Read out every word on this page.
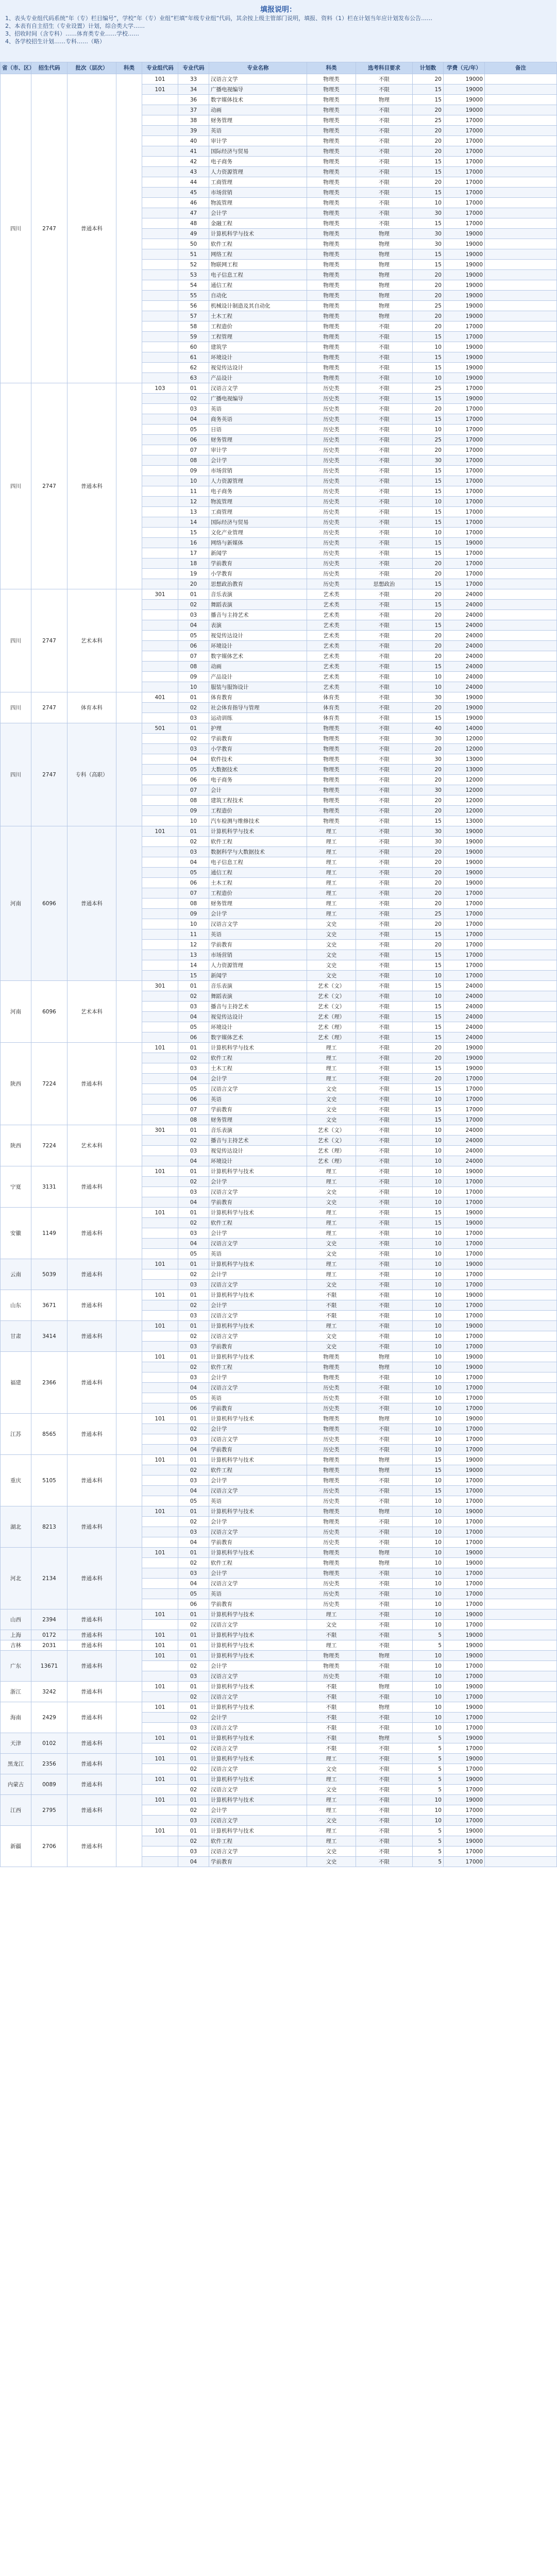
填报说明：
1、表头专业组代码系统“年（专）栏目编号”，学校“年（专）业组”栏填“年级专业组”代码，其余按上级主管部门说明，填报、资料（1）栏在计划当年应计划发布公告……
2、本表有自主招生（专业设置）计划，综合类大学……
3、招收时间（含专科）……体育类专业……学校……
4、各学校招生计划……专科……（略）
省（市、区）	招生代码	批次（层次）	科类	专业组代码	专业代码	专业名称	科类	选考科目要求	计划数	学费（元/年）	备注
四川	2747	普通本科		101	33	汉语言文学	物理类	不限	20	19000	
				101	34	广播电视编导	物理类	不限	15	19000	
					36	数字媒体技术	物理类	物理	15	19000	
					37	动画	物理类	不限	20	19000	
					38	财务管理	物理类	不限	25	17000	
					39	英语	物理类	不限	20	17000	
					40	审计学	物理类	不限	20	17000	
					41	国际经济与贸易	物理类	不限	20	17000	
					42	电子商务	物理类	不限	15	17000	
					43	人力资源管理	物理类	不限	15	17000	
					44	工商管理	物理类	不限	20	17000	
					45	市场营销	物理类	不限	15	17000	
					46	物流管理	物理类	不限	10	17000	
					47	会计学	物理类	不限	30	17000	
					48	金融工程	物理类	不限	15	17000	
					49	计算机科学与技术	物理类	物理	30	19000	
					50	软件工程	物理类	物理	30	19000	
					51	网络工程	物理类	物理	15	19000	
					52	物联网工程	物理类	物理	15	19000	
					53	电子信息工程	物理类	物理	20	19000	
					54	通信工程	物理类	物理	20	19000	
					55	自动化	物理类	物理	20	19000	
					56	机械设计制造及其自动化	物理类	物理	25	19000	
					57	土木工程	物理类	物理	20	19000	
					58	工程造价	物理类	不限	20	17000	
					59	工程管理	物理类	不限	15	17000	
					60	建筑学	物理类	不限	10	19000	
					61	环境设计	物理类	不限	15	19000	
					62	视觉传达设计	物理类	不限	15	19000	
					63	产品设计	物理类	不限	10	19000	
四川	2747	普通本科		103	01	汉语言文学	历史类	不限	25	17000	
					02	广播电视编导	历史类	不限	15	19000	
					03	英语	历史类	不限	20	17000	
					04	商务英语	历史类	不限	15	17000	
					05	日语	历史类	不限	10	17000	
					06	财务管理	历史类	不限	25	17000	
					07	审计学	历史类	不限	20	17000	
					08	会计学	历史类	不限	30	17000	
					09	市场营销	历史类	不限	15	17000	
					10	人力资源管理	历史类	不限	15	17000	
					11	电子商务	历史类	不限	15	17000	
					12	物流管理	历史类	不限	10	17000	
					13	工商管理	历史类	不限	15	17000	
					14	国际经济与贸易	历史类	不限	15	17000	
					15	文化产业管理	历史类	不限	10	17000	
					16	网络与新媒体	历史类	不限	15	19000	
					17	新闻学	历史类	不限	15	17000	
					18	学前教育	历史类	不限	20	17000	
					19	小学教育	历史类	不限	20	17000	
					20	思想政治教育	历史类	思想政治	15	17000	
四川	2747	艺术本科		301	01	音乐表演	艺术类	不限	20	24000	
					02	舞蹈表演	艺术类	不限	15	24000	
					03	播音与主持艺术	艺术类	不限	20	24000	
					04	表演	艺术类	不限	15	24000	
					05	视觉传达设计	艺术类	不限	20	24000	
					06	环境设计	艺术类	不限	20	24000	
					07	数字媒体艺术	艺术类	不限	20	24000	
					08	动画	艺术类	不限	15	24000	
					09	产品设计	艺术类	不限	10	24000	
					10	服装与服饰设计	艺术类	不限	10	24000	
四川	2747	体育本科		401	01	体育教育	体育类	不限	30	19000	
					02	社会体育指导与管理	体育类	不限	20	19000	
					03	运动训练	体育类	不限	15	19000	
四川	2747	专科（高职）		501	01	护理	物理类	不限	40	14000	
					02	学前教育	物理类	不限	30	12000	
					03	小学教育	物理类	不限	20	12000	
					04	软件技术	物理类	不限	30	13000	
					05	大数据技术	物理类	不限	20	13000	
					06	电子商务	物理类	不限	20	12000	
					07	会计	物理类	不限	30	12000	
					08	建筑工程技术	物理类	不限	20	12000	
					09	工程造价	物理类	不限	20	12000	
					10	汽车检测与维修技术	物理类	不限	15	13000	
河南	6096	普通本科		101	01	计算机科学与技术	理工	不限	30	19000	
					02	软件工程	理工	不限	30	19000	
					03	数据科学与大数据技术	理工	不限	20	19000	
					04	电子信息工程	理工	不限	20	19000	
					05	通信工程	理工	不限	20	19000	
					06	土木工程	理工	不限	20	19000	
					07	工程造价	理工	不限	20	17000	
					08	财务管理	理工	不限	20	17000	
					09	会计学	理工	不限	25	17000	
					10	汉语言文学	文史	不限	20	17000	
					11	英语	文史	不限	15	17000	
					12	学前教育	文史	不限	20	17000	
					13	市场营销	文史	不限	15	17000	
					14	人力资源管理	文史	不限	15	17000	
					15	新闻学	文史	不限	10	17000	
河南	6096	艺术本科		301	01	音乐表演	艺术（文）	不限	15	24000	
					02	舞蹈表演	艺术（文）	不限	10	24000	
					03	播音与主持艺术	艺术（文）	不限	15	24000	
					04	视觉传达设计	艺术（理）	不限	15	24000	
					05	环境设计	艺术（理）	不限	15	24000	
					06	数字媒体艺术	艺术（理）	不限	15	24000	
陕西	7224	普通本科		101	01	计算机科学与技术	理工	不限	20	19000	
					02	软件工程	理工	不限	20	19000	
					03	土木工程	理工	不限	15	19000	
					04	会计学	理工	不限	20	17000	
					05	汉语言文学	文史	不限	15	17000	
					06	英语	文史	不限	10	17000	
					07	学前教育	文史	不限	15	17000	
					08	财务管理	文史	不限	15	17000	
陕西	7224	艺术本科		301	01	音乐表演	艺术（文）	不限	10	24000	
					02	播音与主持艺术	艺术（文）	不限	10	24000	
					03	视觉传达设计	艺术（理）	不限	10	24000	
					04	环境设计	艺术（理）	不限	10	24000	
宁夏	3131	普通本科		101	01	计算机科学与技术	理工	不限	10	19000	
					02	会计学	理工	不限	10	17000	
					03	汉语言文学	文史	不限	10	17000	
					04	学前教育	文史	不限	10	17000	
安徽	1149	普通本科		101	01	计算机科学与技术	理工	不限	15	19000	
					02	软件工程	理工	不限	15	19000	
					03	会计学	理工	不限	10	17000	
					04	汉语言文学	文史	不限	10	17000	
					05	英语	文史	不限	10	17000	
云南	5039	普通本科		101	01	计算机科学与技术	理工	不限	10	19000	
					02	会计学	理工	不限	10	17000	
					03	汉语言文学	文史	不限	10	17000	
山东	3671	普通本科		101	01	计算机科学与技术	不限	不限	10	19000	
					02	会计学	不限	不限	10	17000	
					03	汉语言文学	不限	不限	10	17000	
甘肃	3414	普通本科		101	01	计算机科学与技术	理工	不限	10	19000	
					02	汉语言文学	文史	不限	10	17000	
					03	学前教育	文史	不限	10	17000	
福建	2366	普通本科		101	01	计算机科学与技术	物理类	物理	10	19000	
					02	软件工程	物理类	物理	10	19000	
					03	会计学	物理类	不限	10	17000	
					04	汉语言文学	历史类	不限	10	17000	
					05	英语	历史类	不限	10	17000	
					06	学前教育	历史类	不限	10	17000	
江苏	8565	普通本科		101	01	计算机科学与技术	物理类	物理	10	19000	
					02	会计学	物理类	不限	10	17000	
					03	汉语言文学	历史类	不限	10	17000	
					04	学前教育	历史类	不限	10	17000	
重庆	5105	普通本科		101	01	计算机科学与技术	物理类	物理	15	19000	
					02	软件工程	物理类	物理	15	19000	
					03	会计学	物理类	不限	10	17000	
					04	汉语言文学	历史类	不限	15	17000	
					05	英语	历史类	不限	10	17000	
湖北	8213	普通本科		101	01	计算机科学与技术	物理类	物理	10	19000	
					02	会计学	物理类	不限	10	17000	
					03	汉语言文学	历史类	不限	10	17000	
					04	学前教育	历史类	不限	10	17000	
河北	2134	普通本科		101	01	计算机科学与技术	物理类	物理	10	19000	
					02	软件工程	物理类	物理	10	19000	
					03	会计学	物理类	不限	10	17000	
					04	汉语言文学	历史类	不限	10	17000	
					05	英语	历史类	不限	10	17000	
					06	学前教育	历史类	不限	10	17000	
山西	2394	普通本科		101	01	计算机科学与技术	理工	不限	10	19000	
					02	汉语言文学	文史	不限	10	17000	
上海	0172	普通本科		101	01	计算机科学与技术	不限	不限	5	19000	
吉林	2031	普通本科		101	01	计算机科学与技术	理工	不限	5	19000	
广东	13671	普通本科		101	01	计算机科学与技术	物理类	物理	10	19000	
					02	会计学	物理类	不限	10	17000	
					03	汉语言文学	历史类	不限	10	17000	
浙江	3242	普通本科		101	01	计算机科学与技术	不限	物理	10	19000	
					02	汉语言文学	不限	不限	10	17000	
海南	2429	普通本科		101	01	计算机科学与技术	不限	物理	10	19000	
					02	会计学	不限	不限	10	17000	
					03	汉语言文学	不限	不限	10	17000	
天津	0102	普通本科		101	01	计算机科学与技术	不限	物理	5	19000	
					02	汉语言文学	不限	不限	5	17000	
黑龙江	2356	普通本科		101	01	计算机科学与技术	理工	不限	5	19000	
					02	汉语言文学	文史	不限	5	17000	
内蒙古	0089	普通本科		101	01	计算机科学与技术	理工	不限	5	19000	
					02	汉语言文学	文史	不限	5	17000	
江西	2795	普通本科		101	01	计算机科学与技术	理工	不限	10	19000	
					02	会计学	理工	不限	10	17000	
					03	汉语言文学	文史	不限	10	17000	
新疆	2706	普通本科		101	01	计算机科学与技术	理工	不限	5	19000	
					02	软件工程	理工	不限	5	19000	
					03	汉语言文学	文史	不限	5	17000	
					04	学前教育	文史	不限	5	17000	
